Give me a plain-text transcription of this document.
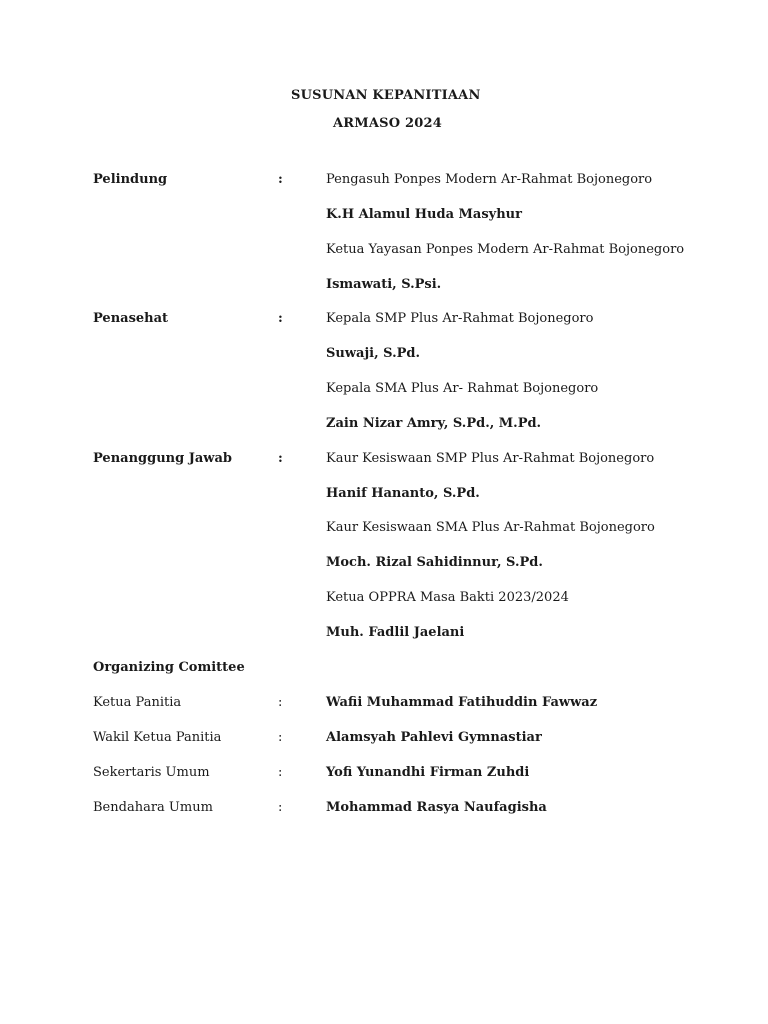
SUSUNAN KEPANITIAAN
ARMASO 2024
Pelindung	:	Pengasuh Ponpes Modern Ar-Rahmat Bojonegoro
K.H Alamul Huda Masyhur
Ketua Yayasan Ponpes Modern Ar-Rahmat Bojonegoro
Ismawati, S.Psi.
Penasehat	:	Kepala SMP Plus Ar-Rahmat Bojonegoro
Suwaji, S.Pd.
Kepala SMA Plus Ar- Rahmat Bojonegoro
Zain Nizar Amry, S.Pd., M.Pd.
Penanggung Jawab	:	Kaur Kesiswaan SMP Plus Ar-Rahmat Bojonegoro
Hanif Hananto, S.Pd.
Kaur Kesiswaan SMA Plus Ar-Rahmat Bojonegoro
Moch. Rizal Sahidinnur, S.Pd.
Ketua OPPRA Masa Bakti 2023/2024
Muh. Fadlil Jaelani
Organizing Comittee
Ketua Panitia	:	Wafii Muhammad Fatihuddin Fawwaz
Wakil Ketua Panitia	:	Alamsyah Pahlevi Gymnastiar
Sekertaris Umum	:	Yofi Yunandhi Firman Zuhdi
Bendahara Umum	:	Mohammad Rasya Naufagisha
